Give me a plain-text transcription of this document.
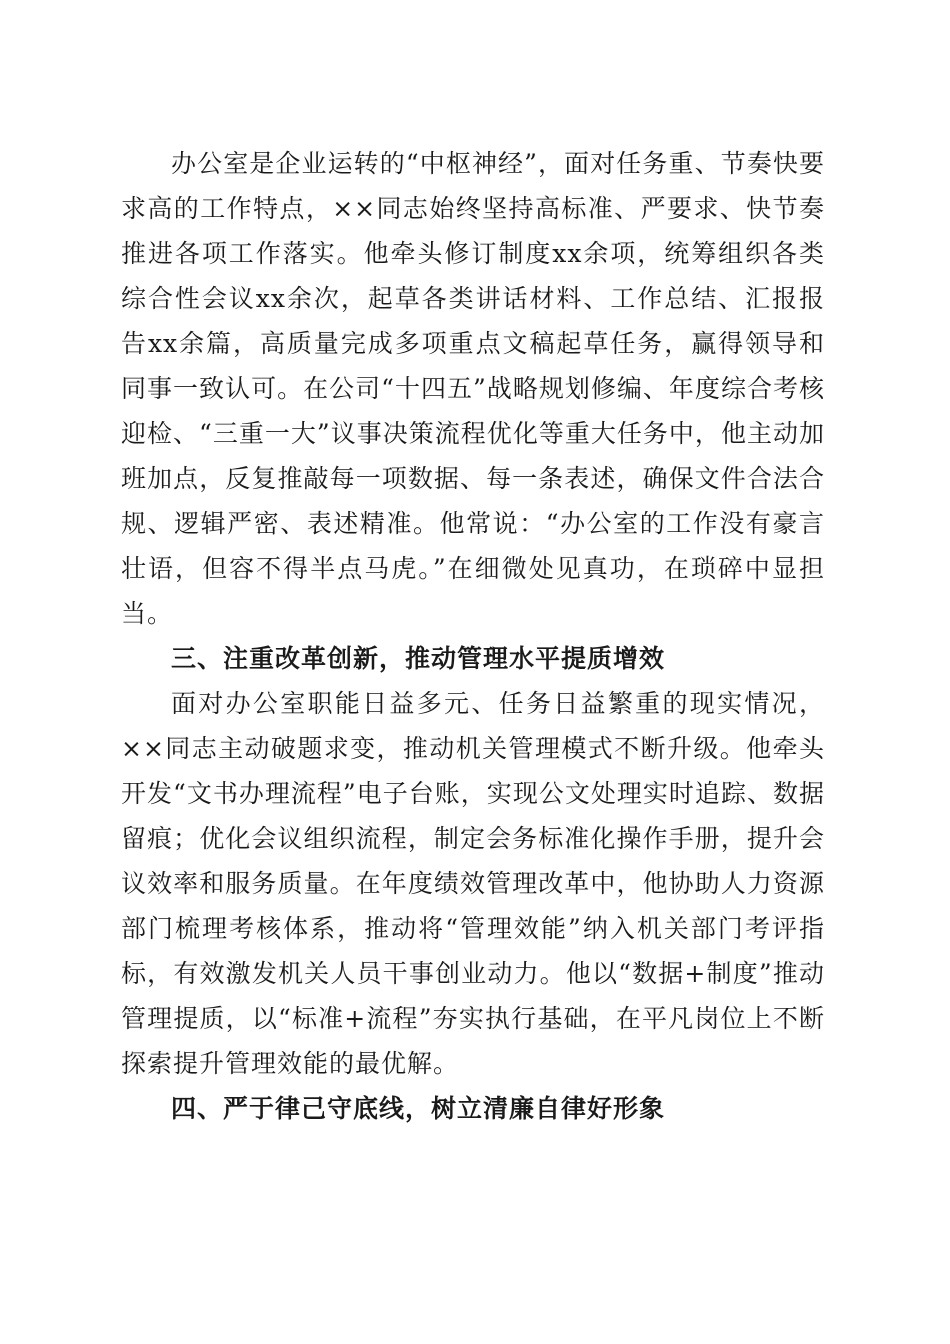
办公室是企业运转的“中枢神经”，面对任务重、节奏快要求高的工作特点，××同志始终坚持高标准、严要求、快节奏推进各项工作落实。他牵头修订制度xx余项，统筹组织各类综合性会议xx余次，起草各类讲话材料、工作总结、汇报报告xx余篇，高质量完成多项重点文稿起草任务，赢得领导和同事一致认可。在公司“十四五”战略规划修编、年度综合考核迎检、“三重一大”议事决策流程优化等重大任务中，他主动加班加点，反复推敲每一项数据、每一条表述，确保文件合法合规、逻辑严密、表述精准。他常说：“办公室的工作没有豪言壮语，但容不得半点马虎。”在细微处见真功，在琐碎中显担当。

三、注重改革创新，推动管理水平提质增效

面对办公室职能日益多元、任务日益繁重的现实情况，××同志主动破题求变，推动机关管理模式不断升级。他牵头开发“文书办理流程”电子台账，实现公文处理实时追踪、数据留痕；优化会议组织流程，制定会务标准化操作手册，提升会议效率和服务质量。在年度绩效管理改革中，他协助人力资源部门梳理考核体系，推动将“管理效能”纳入机关部门考评指标，有效激发机关人员干事创业动力。他以“数据+制度”推动管理提质，以“标准+流程”夯实执行基础，在平凡岗位上不断探索提升管理效能的最优解。

四、严于律己守底线，树立清廉自律好形象
